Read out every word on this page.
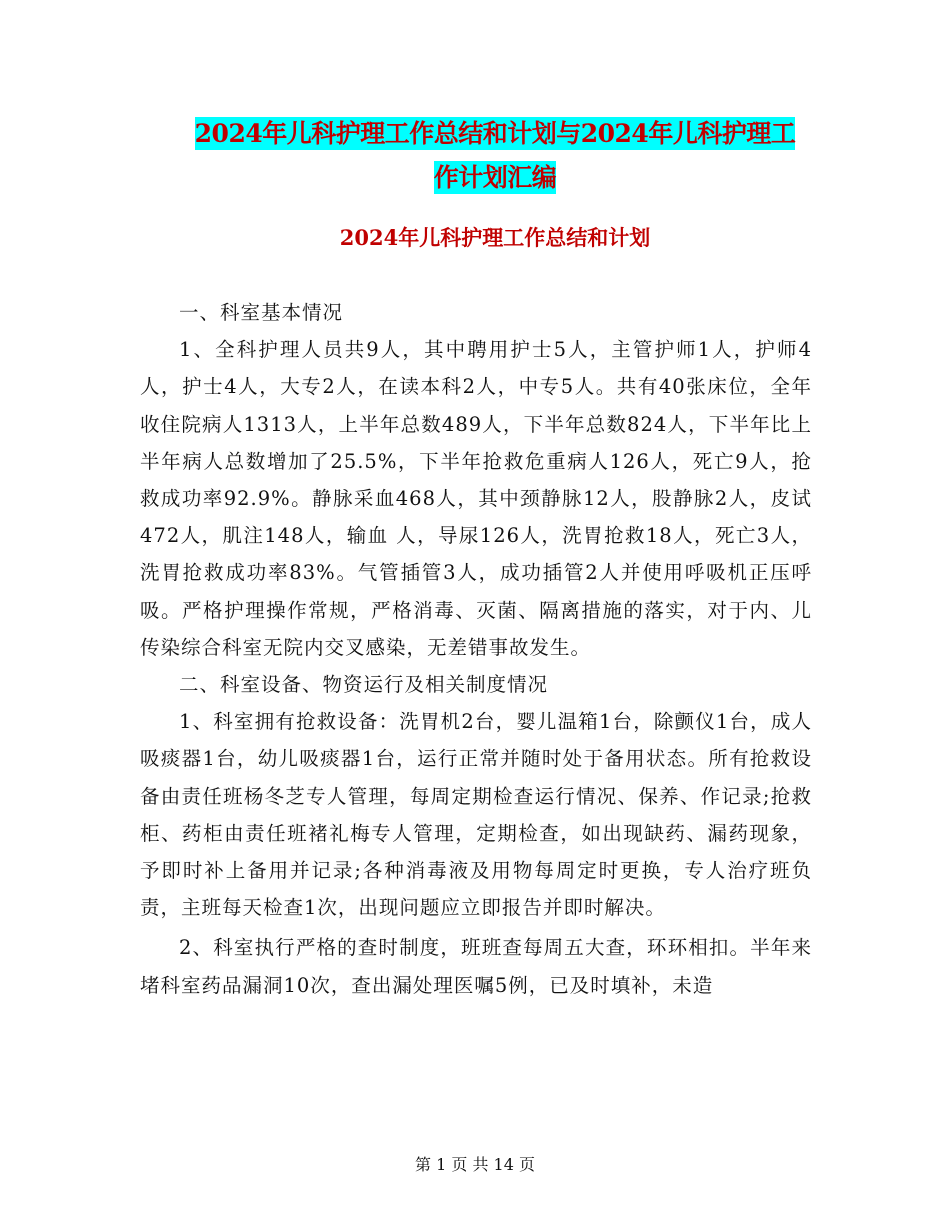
2024年儿科护理工作总结和计划与2024年儿科护理工
作计划汇编
2024年儿科护理工作总结和计划

一、科室基本情况

1、全科护理人员共9人，其中聘用护士5人，主管护师1人，护师4人，护士4人，大专2人，在读本科2人，中专5人。共有40张床位，全年收住院病人1313人，上半年总数489人，下半年总数824人，下半年比上半年病人总数增加了25.5%，下半年抢救危重病人126人，死亡9人，抢救成功率92.9%。静脉采血468人，其中颈静脉12人，股静脉2人，皮试472人，肌注148人，输血 人，导尿126人，洗胃抢救18人，死亡3人，洗胃抢救成功率83%。气管插管3人，成功插管2人并使用呼吸机正压呼吸。严格护理操作常规，严格消毒、灭菌、隔离措施的落实，对于内、儿传染综合科室无院内交叉感染，无差错事故发生。

二、科室设备、物资运行及相关制度情况

1、科室拥有抢救设备：洗胃机2台，婴儿温箱1台，除颤仪1台，成人吸痰器1台，幼儿吸痰器1台，运行正常并随时处于备用状态。所有抢救设备由责任班杨冬芝专人管理，每周定期检查运行情况、保养、作记录;抢救柜、药柜由责任班褚礼梅专人管理，定期检查，如出现缺药、漏药现象，予即时补上备用并记录;各种消毒液及用物每周定时更换，专人治疗班负责，主班每天检查1次，出现问题应立即报告并即时解决。

2、科室执行严格的查时制度，班班查每周五大查，环环相扣。半年来堵科室药品漏洞10次，查出漏处理医嘱5例，已及时填补，未造

第 1 页 共 14 页
